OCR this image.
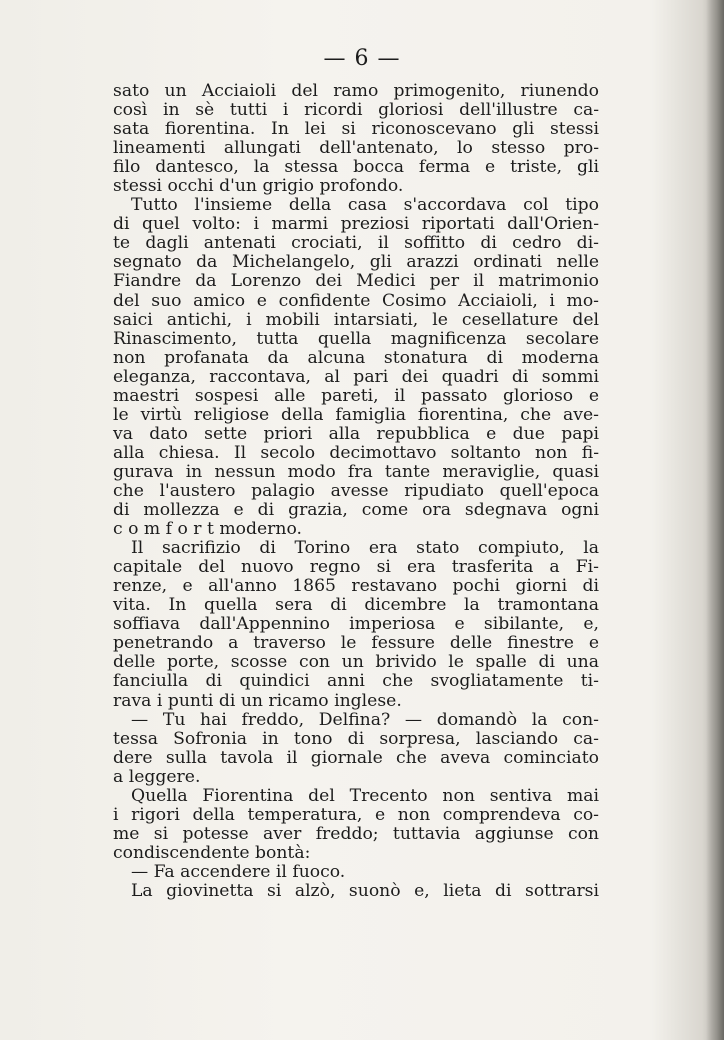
— 6 —
sato un Acciaioli del ramo primogenito, riunendo
così in sè tutti i ricordi gloriosi dell'illustre ca-
sata fiorentina. In lei si riconoscevano gli stessi
lineamenti allungati dell'antenato, lo stesso pro-
filo dantesco, la stessa bocca ferma e triste, gli
stessi occhi d'un grigio profondo.
Tutto l'insieme della casa s'accordava col tipo
di quel volto: i marmi preziosi riportati dall'Orien-
te dagli antenati crociati, il soffitto di cedro di-
segnato da Michelangelo, gli arazzi ordinati nelle
Fiandre da Lorenzo dei Medici per il matrimonio
del suo amico e confidente Cosimo Acciaioli, i mo-
saici antichi, i mobili intarsiati, le cesellature del
Rinascimento, tutta quella magnificenza secolare
non profanata da alcuna stonatura di moderna
eleganza, raccontava, al pari dei quadri di sommi
maestri sospesi alle pareti, il passato glorioso e
le virtù religiose della famiglia fiorentina, che ave-
va dato sette priori alla repubblica e due papi
alla chiesa. Il secolo decimottavo soltanto non fi-
gurava in nessun modo fra tante meraviglie, quasi
che l'austero palagio avesse ripudiato quell'epoca
di mollezza e di grazia, come ora sdegnava ogni
c o m f o r t moderno.
Il sacrifizio di Torino era stato compiuto, la
capitale del nuovo regno si era trasferita a Fi-
renze, e all'anno 1865 restavano pochi giorni di
vita. In quella sera di dicembre la tramontana
soffiava dall'Appennino imperiosa e sibilante, e,
penetrando a traverso le fessure delle finestre e
delle porte, scosse con un brivido le spalle di una
fanciulla di quindici anni che svogliatamente ti-
rava i punti di un ricamo inglese.
— Tu hai freddo, Delfina? — domandò la con-
tessa Sofronia in tono di sorpresa, lasciando ca-
dere sulla tavola il giornale che aveva cominciato
a leggere.
Quella Fiorentina del Trecento non sentiva mai
i rigori della temperatura, e non comprendeva co-
me si potesse aver freddo; tuttavia aggiunse con
condiscendente bontà:
— Fa accendere il fuoco.
La giovinetta si alzò, suonò e, lieta di sottrarsi
